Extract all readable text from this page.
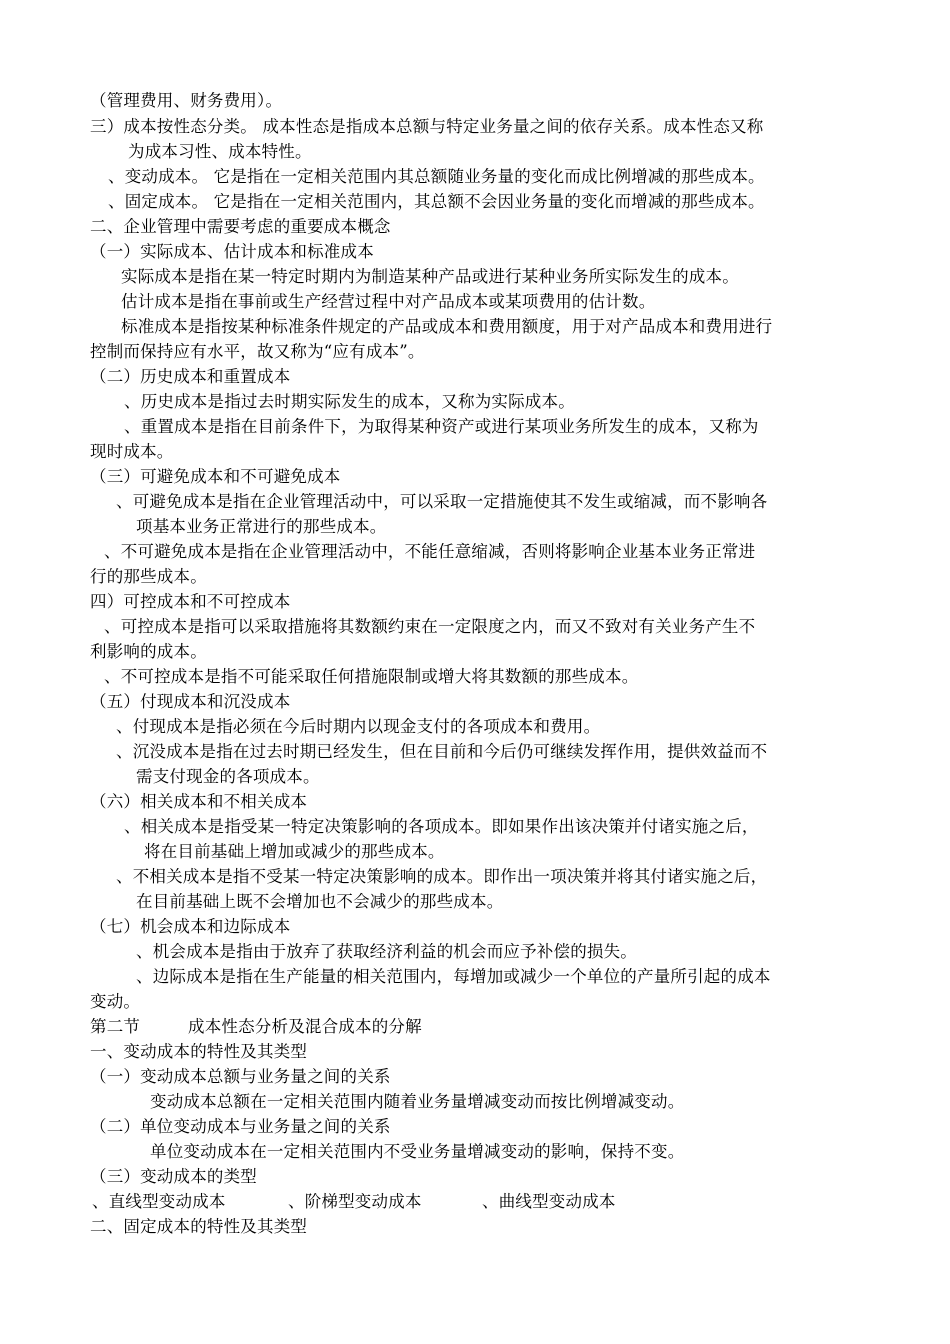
（管理费用、财务费用）。
三）成本按性态分类。 成本性态是指成本总额与特定业务量之间的依存关系。成本性态又称
为成本习性、成本特性。
、变动成本。 它是指在一定相关范围内其总额随业务量的变化而成比例增减的那些成本。
、固定成本。 它是指在一定相关范围内，其总额不会因业务量的变化而增减的那些成本。
二、企业管理中需要考虑的重要成本概念
（一）实际成本、估计成本和标准成本
实际成本是指在某一特定时期内为制造某种产品或进行某种业务所实际发生的成本。
估计成本是指在事前或生产经营过程中对产品成本或某项费用的估计数。
标准成本是指按某种标准条件规定的产品或成本和费用额度，用于对产品成本和费用进行
控制而保持应有水平，故又称为“应有成本”。
（二）历史成本和重置成本
、历史成本是指过去时期实际发生的成本，又称为实际成本。
、重置成本是指在目前条件下，为取得某种资产或进行某项业务所发生的成本，又称为
现时成本。
（三）可避免成本和不可避免成本
、可避免成本是指在企业管理活动中，可以采取一定措施使其不发生或缩减，而不影响各
项基本业务正常进行的那些成本。
、不可避免成本是指在企业管理活动中，不能任意缩减，否则将影响企业基本业务正常进
行的那些成本。
四）可控成本和不可控成本
、可控成本是指可以采取措施将其数额约束在一定限度之内，而又不致对有关业务产生不
利影响的成本。
、不可控成本是指不可能采取任何措施限制或增大将其数额的那些成本。
（五）付现成本和沉没成本
、付现成本是指必须在今后时期内以现金支付的各项成本和费用。
、沉没成本是指在过去时期已经发生，但在目前和今后仍可继续发挥作用，提供效益而不
需支付现金的各项成本。
（六）相关成本和不相关成本
、相关成本是指受某一特定决策影响的各项成本。即如果作出该决策并付诸实施之后，
将在目前基础上增加或减少的那些成本。
、不相关成本是指不受某一特定决策影响的成本。即作出一项决策并将其付诸实施之后，
在目前基础上既不会增加也不会减少的那些成本。
（七）机会成本和边际成本
、机会成本是指由于放弃了获取经济利益的机会而应予补偿的损失。
、边际成本是指在生产能量的相关范围内，每增加或减少一个单位的产量所引起的成本
变动。
第二节	成本性态分析及混合成本的分解
一、变动成本的特性及其类型
（一）变动成本总额与业务量之间的关系
变动成本总额在一定相关范围内随着业务量增减变动而按比例增减变动。
（二）单位变动成本与业务量之间的关系
单位变动成本在一定相关范围内不受业务量增减变动的影响，保持不变。
（三）变动成本的类型
、直线型变动成本	、阶梯型变动成本	、曲线型变动成本
二、固定成本的特性及其类型
